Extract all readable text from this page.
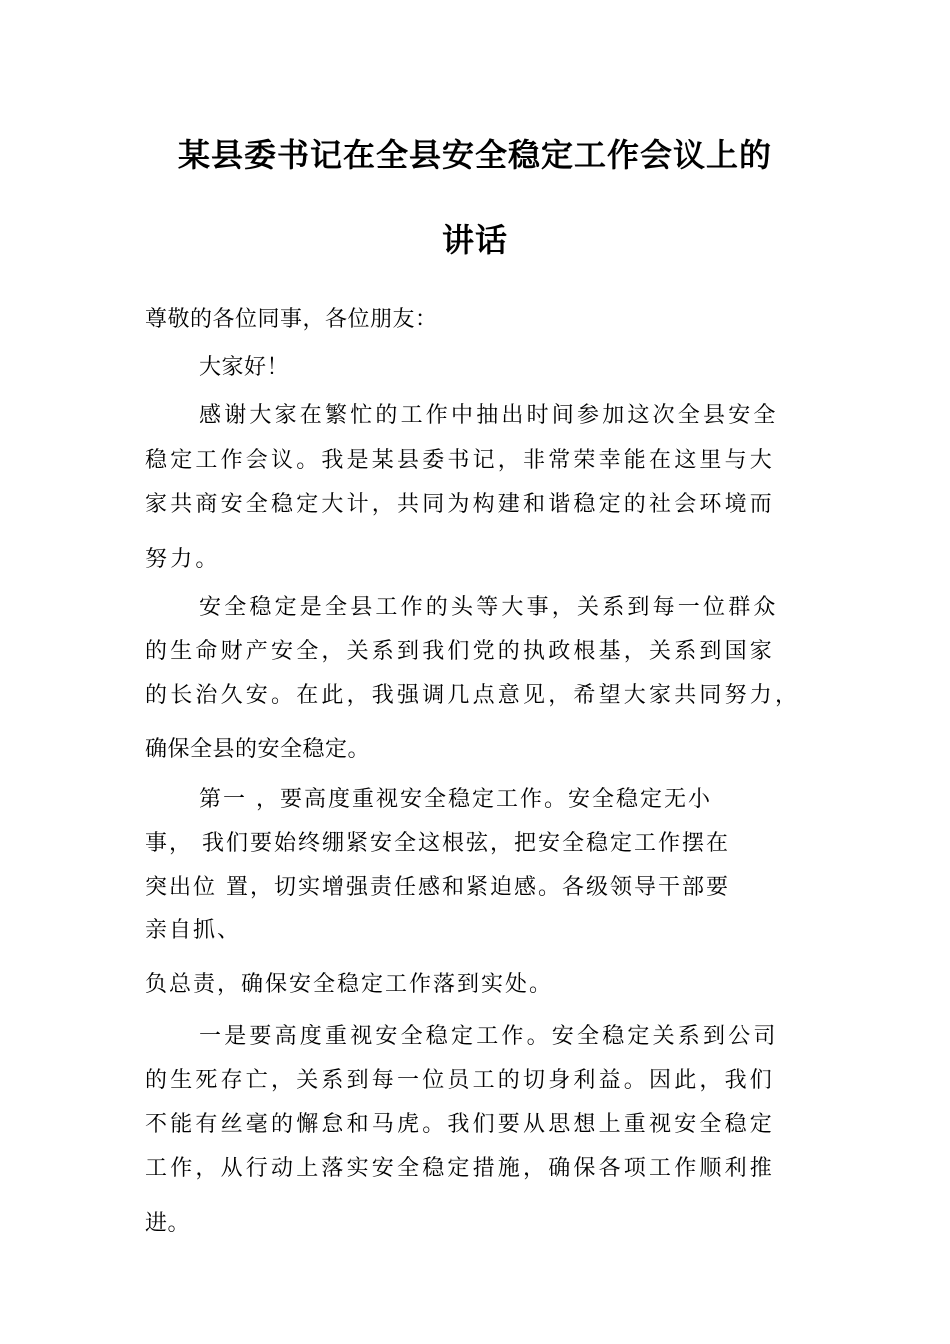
某县委书记在全县安全稳定工作会议上的
讲话

尊敬的各位同事，各位朋友：

大家好！

感谢大家在繁忙的工作中抽出时间参加这次全县安全

稳定工作会议。我是某县委书记，非常荣幸能在这里与大

家共商安全稳定大计，共同为构建和谐稳定的社会环境而

努力。

安全稳定是全县工作的头等大事，关系到每一位群众

的生命财产安全，关系到我们党的执政根基，关系到国家

的长治久安。在此，我强调几点意见，希望大家共同努力，

确保全县的安全稳定。

第一 ，要高度重视安全稳定工作。安全稳定无小

事， 我们要始终绷紧安全这根弦，把安全稳定工作摆在

突出位 置，切实增强责任感和紧迫感。各级领导干部要

亲自抓、

负总责，确保安全稳定工作落到实处。

一是要高度重视安全稳定工作。安全稳定关系到公司

的生死存亡，关系到每一位员工的切身利益。因此，我们

不能有丝毫的懈怠和马虎。我们要从思想上重视安全稳定

工作，从行动上落实安全稳定措施，确保各项工作顺利推

进。
